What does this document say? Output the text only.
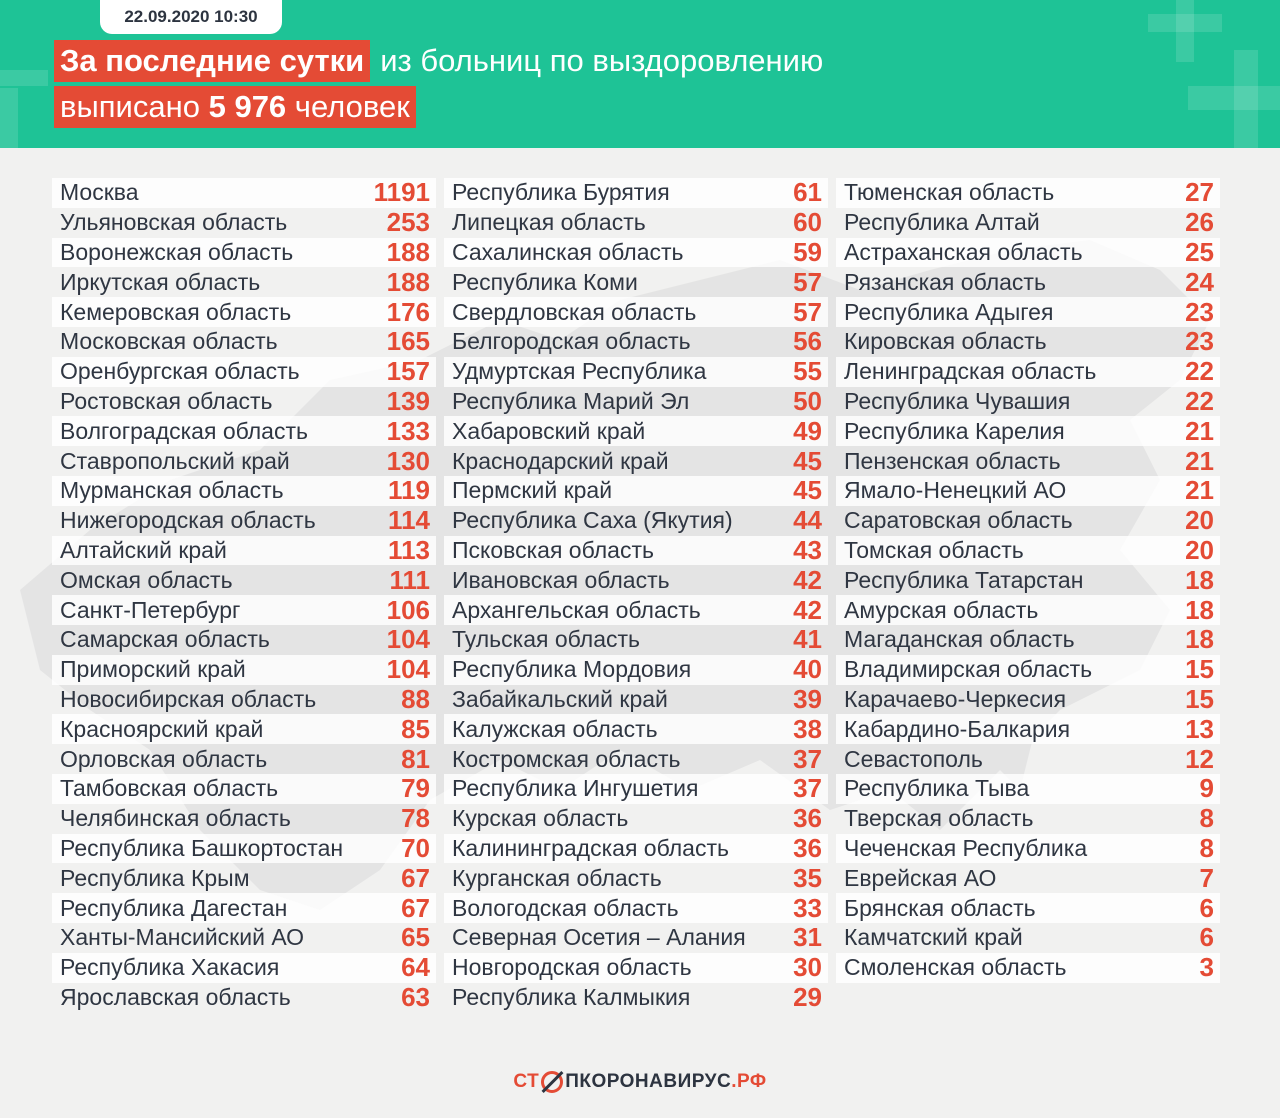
22.09.2020 10:30
За последние сутки из больниц по выздоровлению
выписано 5 976 человек
Москва	1191
Ульяновская область	253
Воронежская область	188
Иркутская область	188
Кемеровская область	176
Московская область	165
Оренбургская область	157
Ростовская область	139
Волгоградская область	133
Ставропольский край	130
Мурманская область	119
Нижегородская область	114
Алтайский край	113
Омская область	111
Санкт-Петербург	106
Самарская область	104
Приморский край	104
Новосибирская область	88
Красноярский край	85
Орловская область	81
Тамбовская область	79
Челябинская область	78
Республика Башкортостан 70
Республика Крым	67
Республика Дагестан	67
Ханты-Мансийский АО	65
Республика Хакасия	64
Ярославская область	63
Республика Бурятия	61
Липецкая область	60
Сахалинская область	59
Республика Коми	57
Свердловская область	57
Белгородская область	56
Удмуртская Республика	55
Республика Марий Эл	50
Хабаровский край	49
Краснодарский край	45
Пермский край	45
Республика Саха (Якутия) 44
Псковская область	43
Ивановская область	42
Архангельская область	42
Тульская область	41
Республика Мордовия	40
Забайкальский край	39
Калужская область	38
Костромская область	37
Республика Ингушетия	37
Курская область	36
Калининградская область 36
Курганская область	35
Вологодская область	33
Северная Осетия – Алания 31
Новгородская область	30
Республика Калмыкия	29
Тюменская область	27
Республика Алтай	26
Астраханская область	25
Рязанская область	24
Республика Адыгея	23
Кировская область	23
Ленинградская область	22
Республика Чувашия	22
Республика Карелия	21
Пензенская область	21
Ямало-Ненецкий АО	21
Саратовская область	20
Томская область	20
Республика Татарстан	18
Амурская область	18
Магаданская область	18
Владимирская область	15
Карачаево-Черкесия	15
Кабардино-Балкария	13
Севастополь	12
Республика Тыва	9
Тверская область	8
Чеченская Республика	8
Еврейская АО	7
Брянская область	6
Камчатский край	6
Смоленская область	3
СТ ПКОРОНАВИРУС .РФ
